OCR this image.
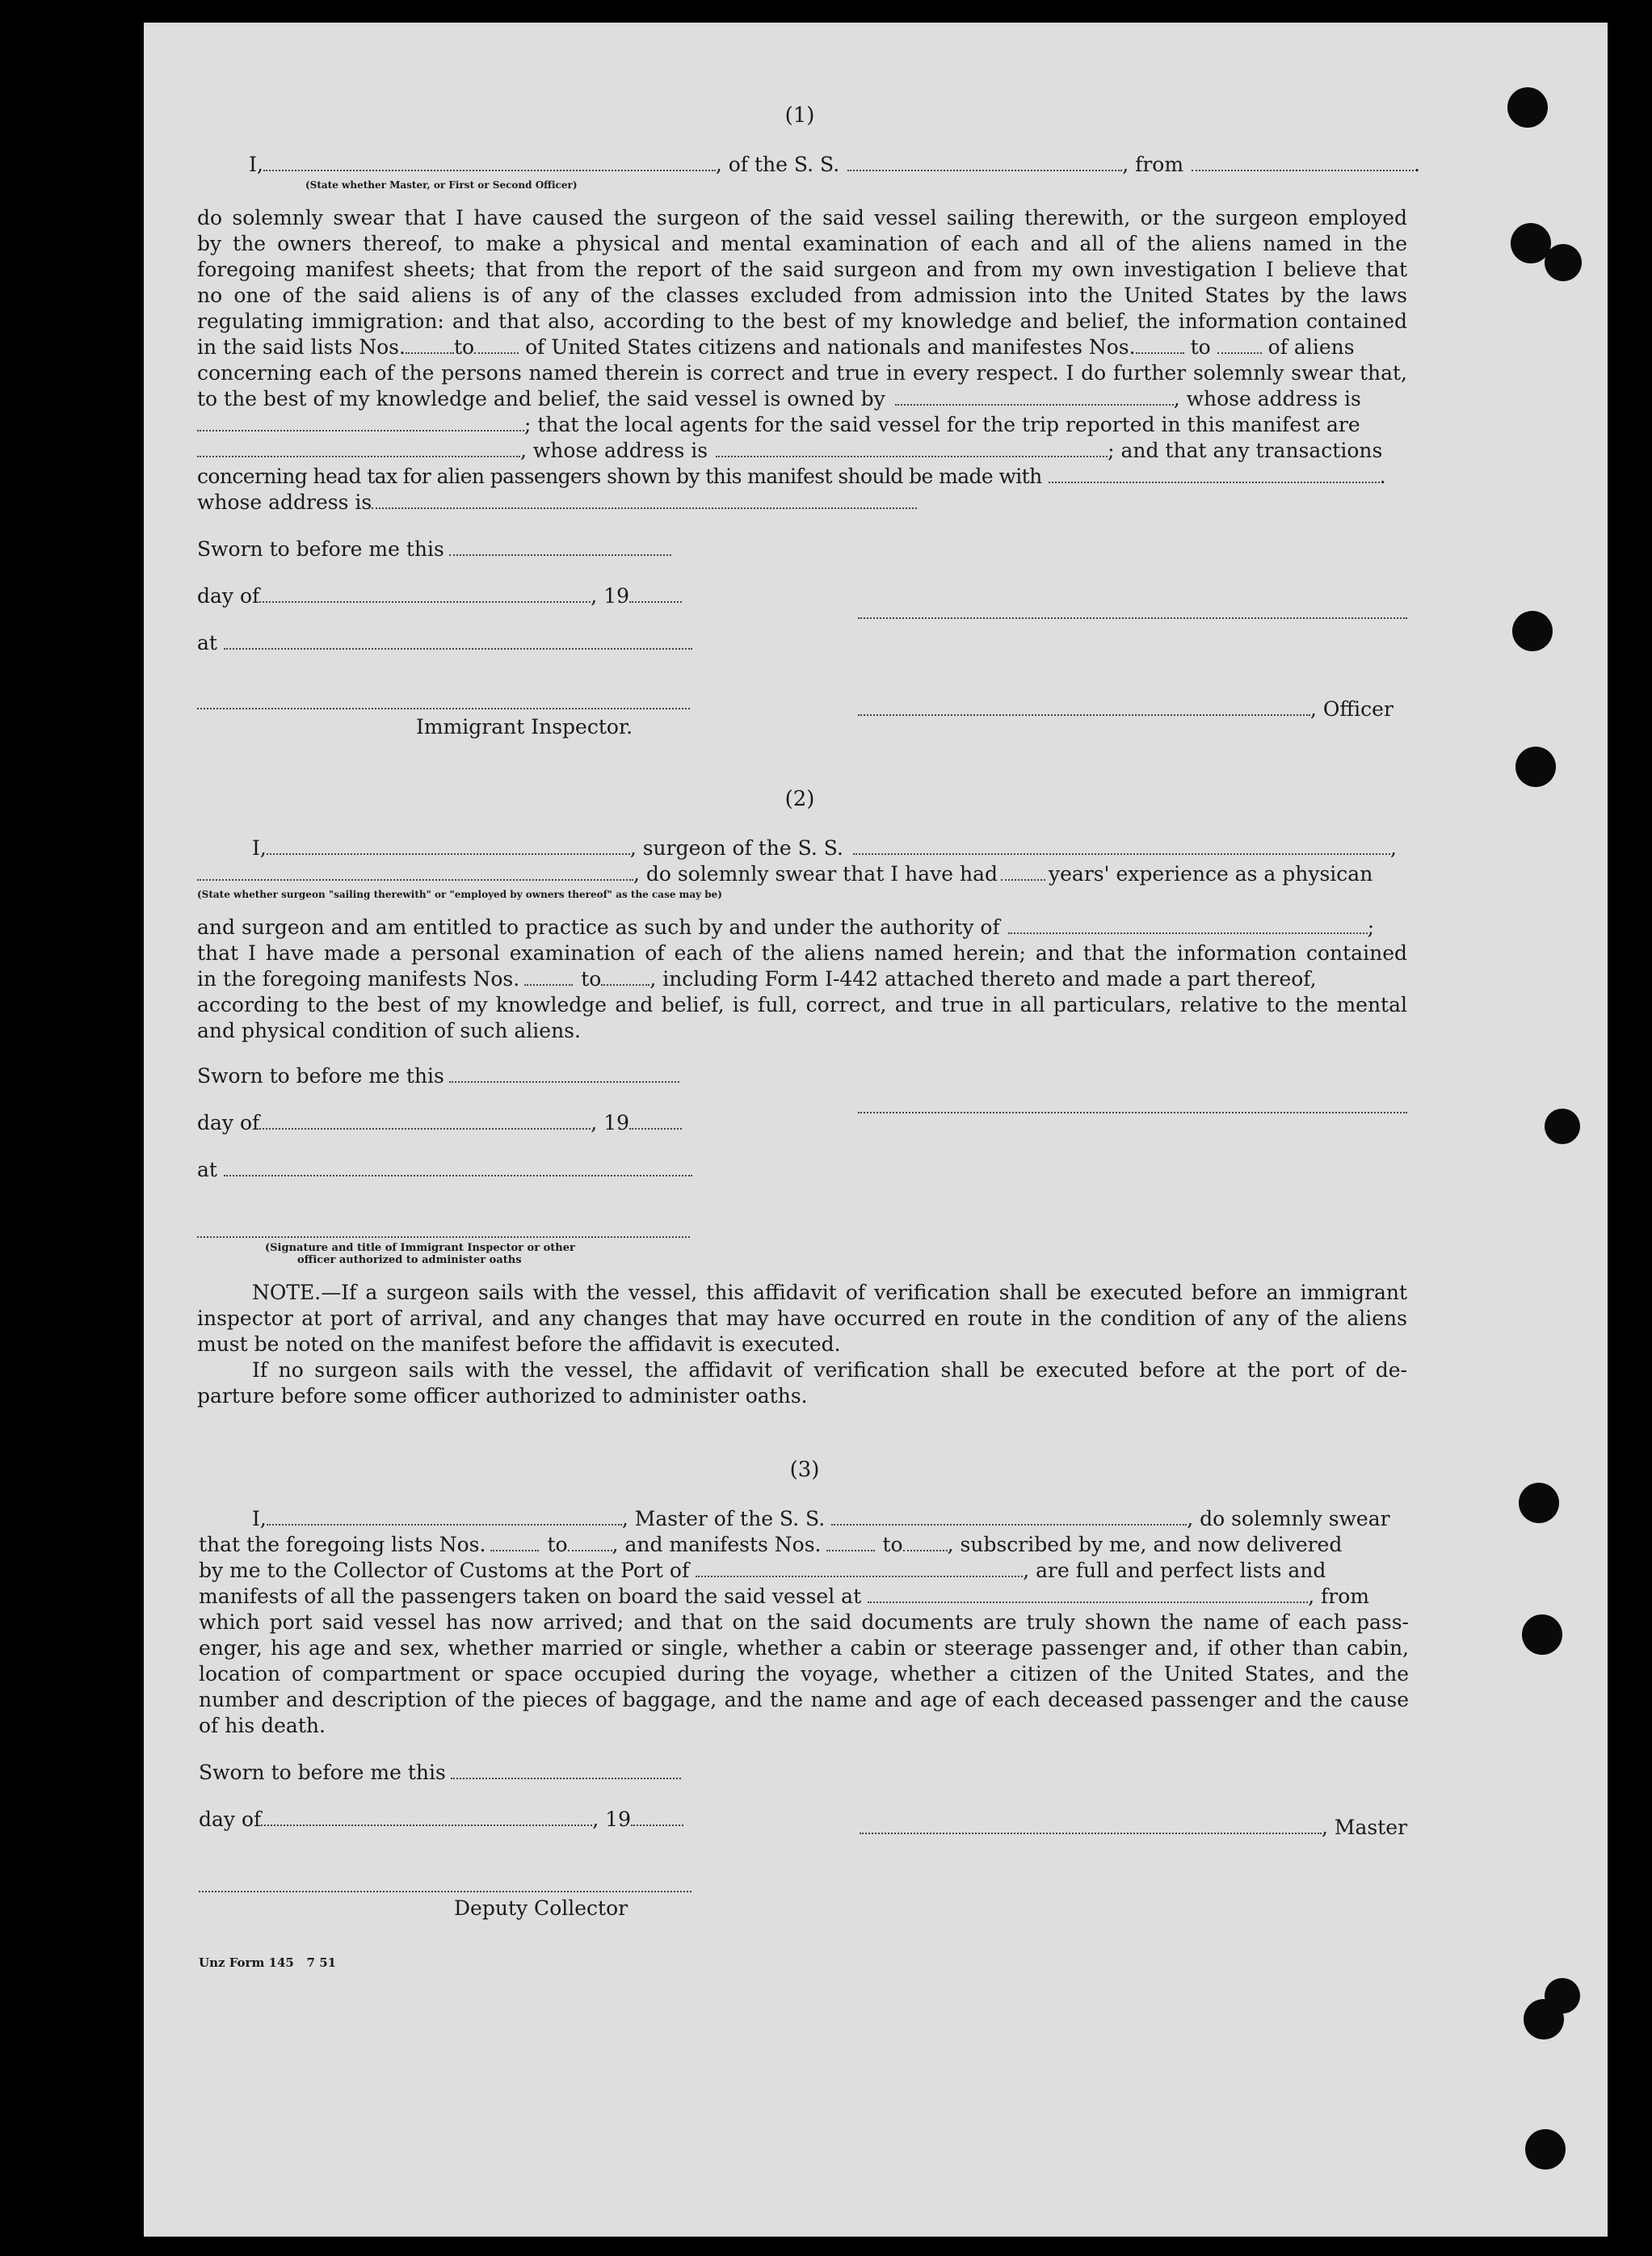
(1)
I,	, of the S. S.	, from	.
(State whether Master, or First or Second Officer)
do solemnly swear that I have caused the surgeon of the said vessel sailing therewith, or the surgeon employed
by the owners thereof, to make a physical and mental examination of each and all of the aliens named in the
foregoing manifest sheets; that from the report of the said surgeon and from my own investigation I believe that
no one of the said aliens is of any of the classes excluded from admission into the United States by the laws
regulating immigration: and that also, according to the best of my knowledge and belief, the information contained
in the said lists Nos. to	of United States citizens and nationals and manifestes Nos.	to	of aliens
concerning each of the persons named therein is correct and true in every respect. I do further solemnly swear that,
to the best of my knowledge and belief, the said vessel is owned by	, whose address is
; that the local agents for the said vessel for the trip reported in this manifest are
, whose address is	; and that any transactions
concerning head tax for alien passengers shown by this manifest should be made with	.
whose address is
Sworn to before me this
day of	, 19
at
, Officer
Immigrant Inspector.
(2)
I,	, surgeon of the S. S.	,
, do solemnly swear that I have had	years' experience as a physican
(State whether surgeon "sailing therewith" or "employed by owners thereof" as the case may be)
and surgeon and am entitled to practice as such by and under the authority of	;
that I have made a personal examination of each of the aliens named herein; and that the information contained
in the foregoing manifests Nos.	to , including Form I-442 attached thereto and made a part thereof,
according to the best of my knowledge and belief, is full, correct, and true in all particulars, relative to the mental
and physical condition of such aliens.
Sworn to before me this
day of	, 19
at
(Signature and title of Immigrant Inspector or other
officer authorized to administer oaths
NOTE.—If a surgeon sails with the vessel, this affidavit of verification shall be executed before an immigrant
inspector at port of arrival, and any changes that may have occurred en route in the condition of any of the aliens
must be noted on the manifest before the affidavit is executed.
If no surgeon sails with the vessel, the affidavit of verification shall be executed before at the port of de-
parture before some officer authorized to administer oaths.
(3)
I,	, Master of the S. S.	, do solemnly swear
that the foregoing lists Nos.	to , and manifests Nos.	to , subscribed by me, and now delivered
by me to the Collector of Customs at the Port of	, are full and perfect lists and
manifests of all the passengers taken on board the said vessel at	, from
which port said vessel has now arrived; and that on the said documents are truly shown the name of each pass-
enger, his age and sex, whether married or single, whether a cabin or steerage passenger and, if other than cabin,
location of compartment or space occupied during the voyage, whether a citizen of the United States, and the
number and description of the pieces of baggage, and the name and age of each deceased passenger and the cause
of his death.
Sworn to before me this
day of	, 19	, Master
Deputy Collector
Unz Form 145   7 51
